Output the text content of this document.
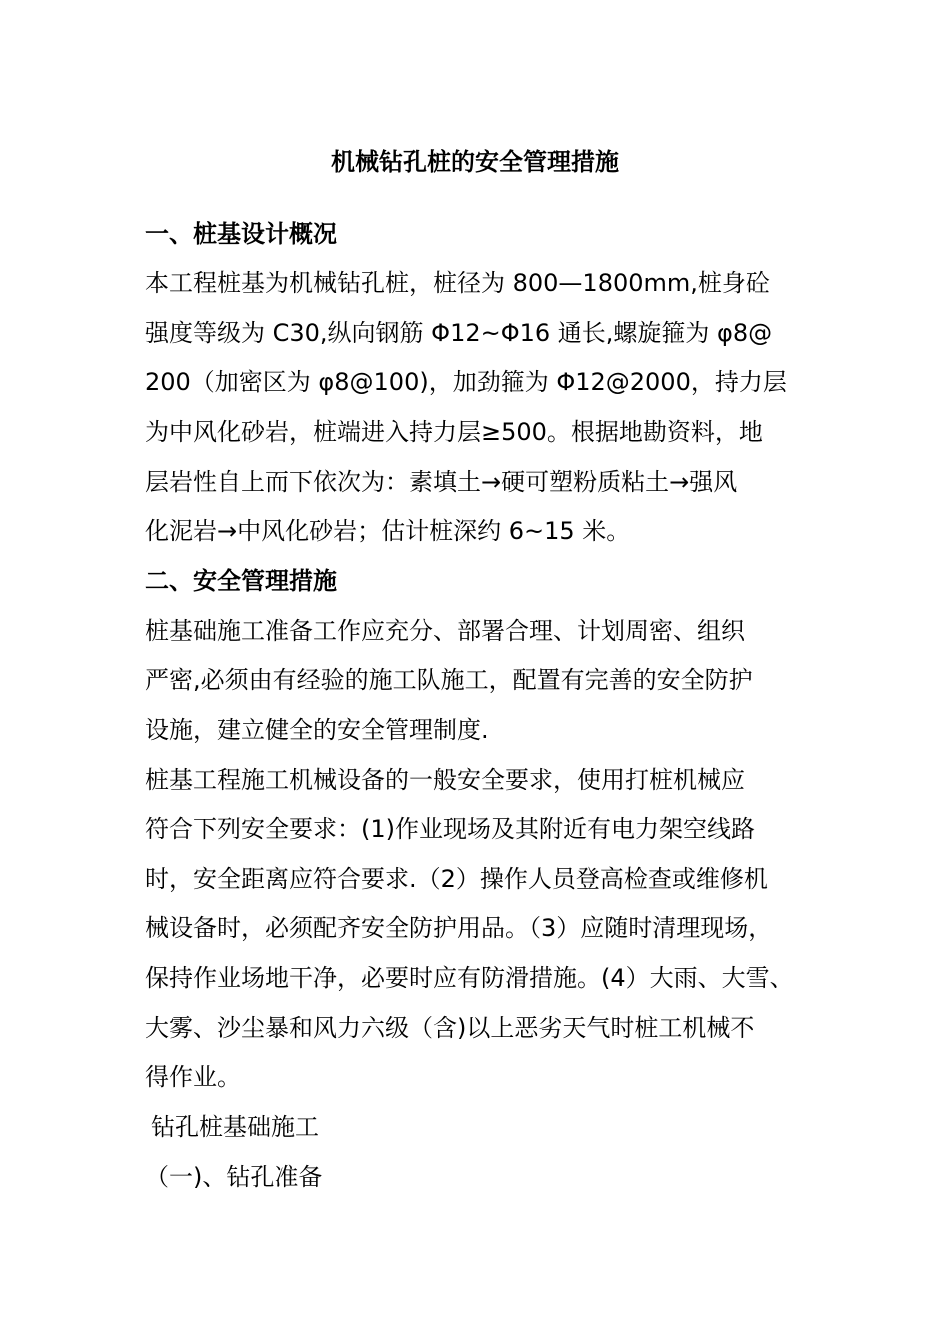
机械钻孔桩的安全管理措施
一、桩基设计概况
本工程桩基为机械钻孔桩，桩径为 800—1800mm,桩身砼
强度等级为 C30,纵向钢筋 Φ12~Φ16 通长,螺旋箍为 φ8@
200（加密区为 φ8@100)，加劲箍为 Φ12@2000，持力层
为中风化砂岩，桩端进入持力层≥500。根据地勘资料，地
层岩性自上而下依次为：素填土→硬可塑粉质粘土→强风
化泥岩→中风化砂岩；估计桩深约 6~15 米。
二、安全管理措施
桩基础施工准备工作应充分、部署合理、计划周密、组织
严密,必须由有经验的施工队施工，配置有完善的安全防护
设施，建立健全的安全管理制度.
桩基工程施工机械设备的一般安全要求，使用打桩机械应
符合下列安全要求：(1)作业现场及其附近有电力架空线路
时，安全距离应符合要求.（2）操作人员登高检查或维修机
械设备时，必须配齐安全防护用品。（3）应随时清理现场，
保持作业场地干净，必要时应有防滑措施。(4）大雨、大雪、
大雾、沙尘暴和风力六级（含)以上恶劣天气时桩工机械不
得作业。
钻孔桩基础施工
（一)、钻孔准备
